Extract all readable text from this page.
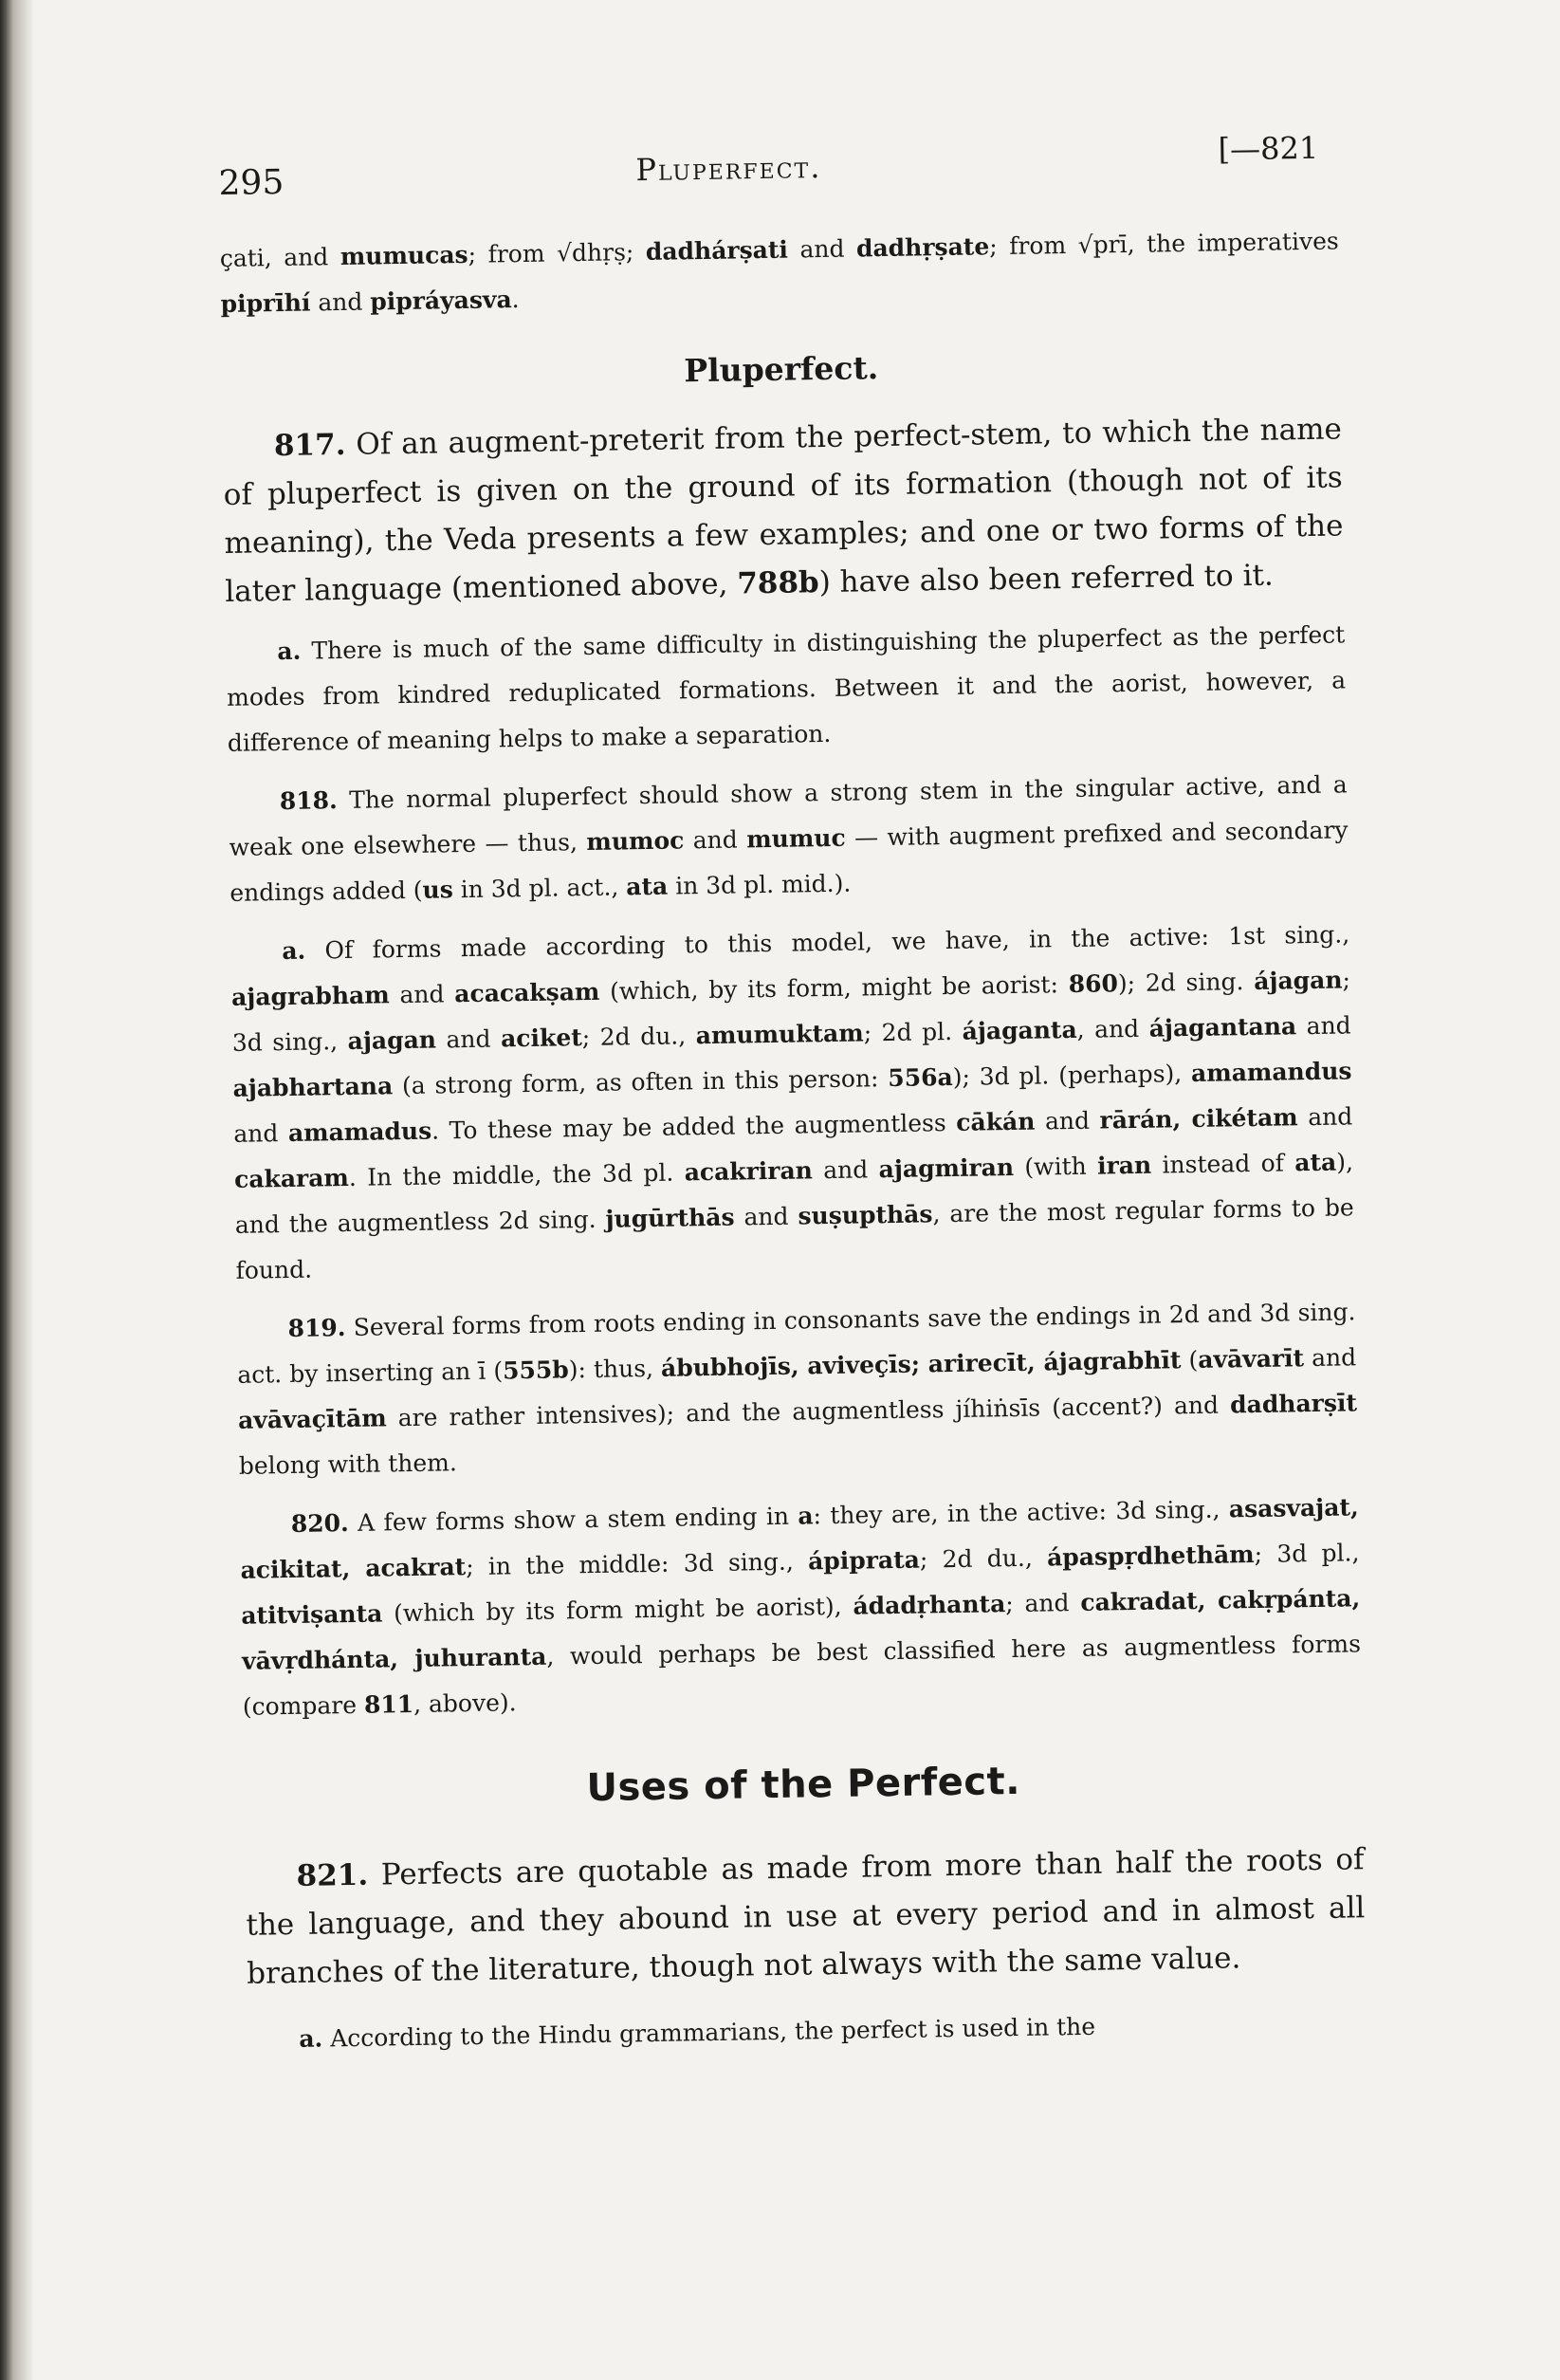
295	Pluperfect.
[—821

çati, and mumucas; from √dhṛṣ; dadhárṣati and dadhṛṣate; from √prī, the imperatives piprīhí and pipráyasva.

Pluperfect.

817. Of an augment-preterit from the perfect-stem, to which the name of pluperfect is given on the ground of its formation (though not of its meaning), the Veda presents a few examples; and one or two forms of the later language (mentioned above, 788b) have also been referred to it.

a. There is much of the same difficulty in distinguishing the pluperfect as the perfect modes from kindred reduplicated formations. Between it and the aorist, however, a difference of meaning helps to make a separation.

818. The normal pluperfect should show a strong stem in the singular active, and a weak one elsewhere — thus, mumoc and mumuc — with augment prefixed and secondary endings added (us in 3d pl. act., ata in 3d pl. mid.).

a. Of forms made according to this model, we have, in the active: 1st sing., ajagrabham and acacakṣam (which, by its form, might be aorist: 860); 2d sing. ájagan; 3d sing., ajagan and aciket; 2d du., amumuktam; 2d pl. ájaganta, and ájagantana and ajabhartana (a strong form, as often in this person: 556a); 3d pl. (perhaps), amamandus and amamadus. To these may be added the augmentless cākán and rārán, cikétam and cakaram. In the middle, the 3d pl. acakriran and ajagmiran (with iran instead of ata), and the augmentless 2d sing. jugūrthās and suṣupthās, are the most regular forms to be found.

819. Several forms from roots ending in consonants save the endings in 2d and 3d sing. act. by inserting an ī (555b): thus, ábubhojīs, aviveçīs; arirecīt, ájagrabhīt (avāvarīt and avāvaçītām are rather intensives); and the augmentless jíhiṅsīs (accent?) and dadharṣīt belong with them.

820. A few forms show a stem ending in a: they are, in the active: 3d sing., asasvajat, acikitat, acakrat; in the middle: 3d sing., ápiprata; 2d du., ápaspṛdhethām; 3d pl., atitviṣanta (which by its form might be aorist), ádadṛhanta; and cakradat, cakṛpánta, vāvṛdhánta, juhuranta, would perhaps be best classified here as augmentless forms (compare 811, above).

Uses of the Perfect.

821. Perfects are quotable as made from more than half the roots of the language, and they abound in use at every period and in almost all branches of the literature, though not always with the same value.

a. According to the Hindu grammarians, the perfect is used in the
